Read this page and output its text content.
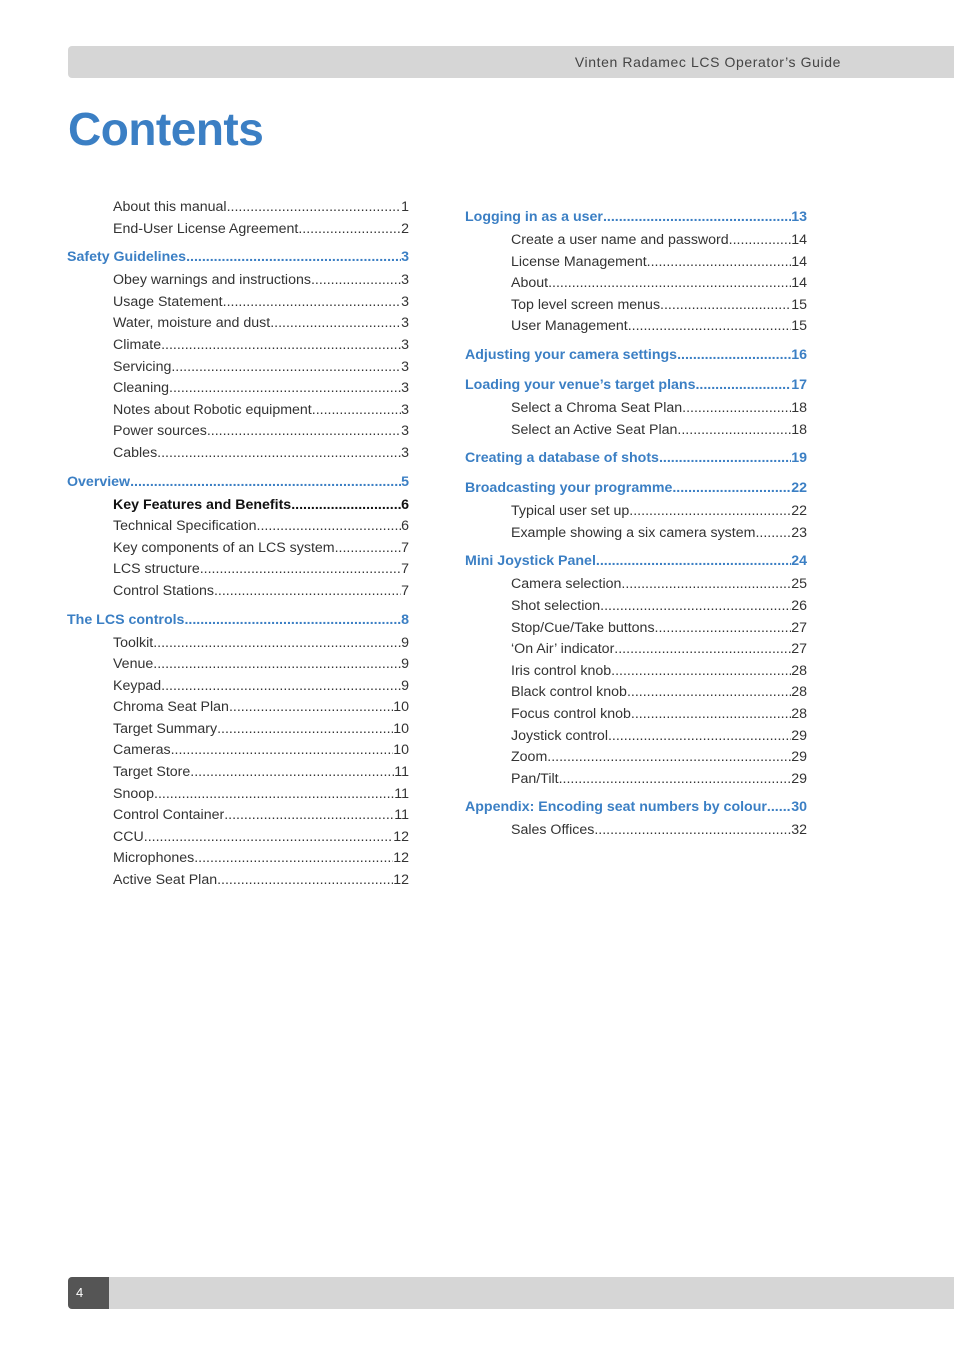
Vinten Radamec LCS Operator’s Guide
Contents
About this manual .....	1
End-User License Agreement .....	2
Safety Guidelines .....	3
Obey warnings and instructions .....	3
Usage Statement .....	3
Water, moisture and dust .....	3
Climate .....	3
Servicing .....	3
Cleaning .....	3
Notes about Robotic equipment .....	3
Power sources .....	3
Cables .....	3
Overview .....	5
Key Features and Benefits .....	6
Technical Specification .....	6
Key components of an LCS system .....	7
LCS structure .....	7
Control Stations .....	7
The LCS controls .....	8
Toolkit .....	9
Venue .....	9
Keypad .....	9
Chroma Seat Plan .....	10
Target Summary .....	10
Cameras .....	10
Target Store .....	11
Snoop .....	11
Control Container .....	11
CCU .....	12
Microphones .....	12
Active Seat Plan .....	12
Logging in as a user .....	13
Create a user name and password .....	14
License Management .....	14
About .....	14
Top level screen menus .....	15
User Management .....	15
Adjusting your camera settings .....	16
Loading your venue’s target plans .....	17
Select a Chroma Seat Plan .....	18
Select an Active Seat Plan .....	18
Creating a database of shots .....	19
Broadcasting your programme .....	22
Typical user set up .....	22
Example showing a six camera system .....	23
Mini Joystick Panel .....	24
Camera selection .....	25
Shot selection .....	26
Stop/Cue/Take buttons .....	27
‘On Air’ indicator .....	27
Iris control knob .....	28
Black control knob .....	28
Focus control knob .....	28
Joystick control .....	29
Zoom .....	29
Pan/Tilt .....	29
Appendix: Encoding seat numbers by colour ..... 30
Sales Offices .....	32
4
